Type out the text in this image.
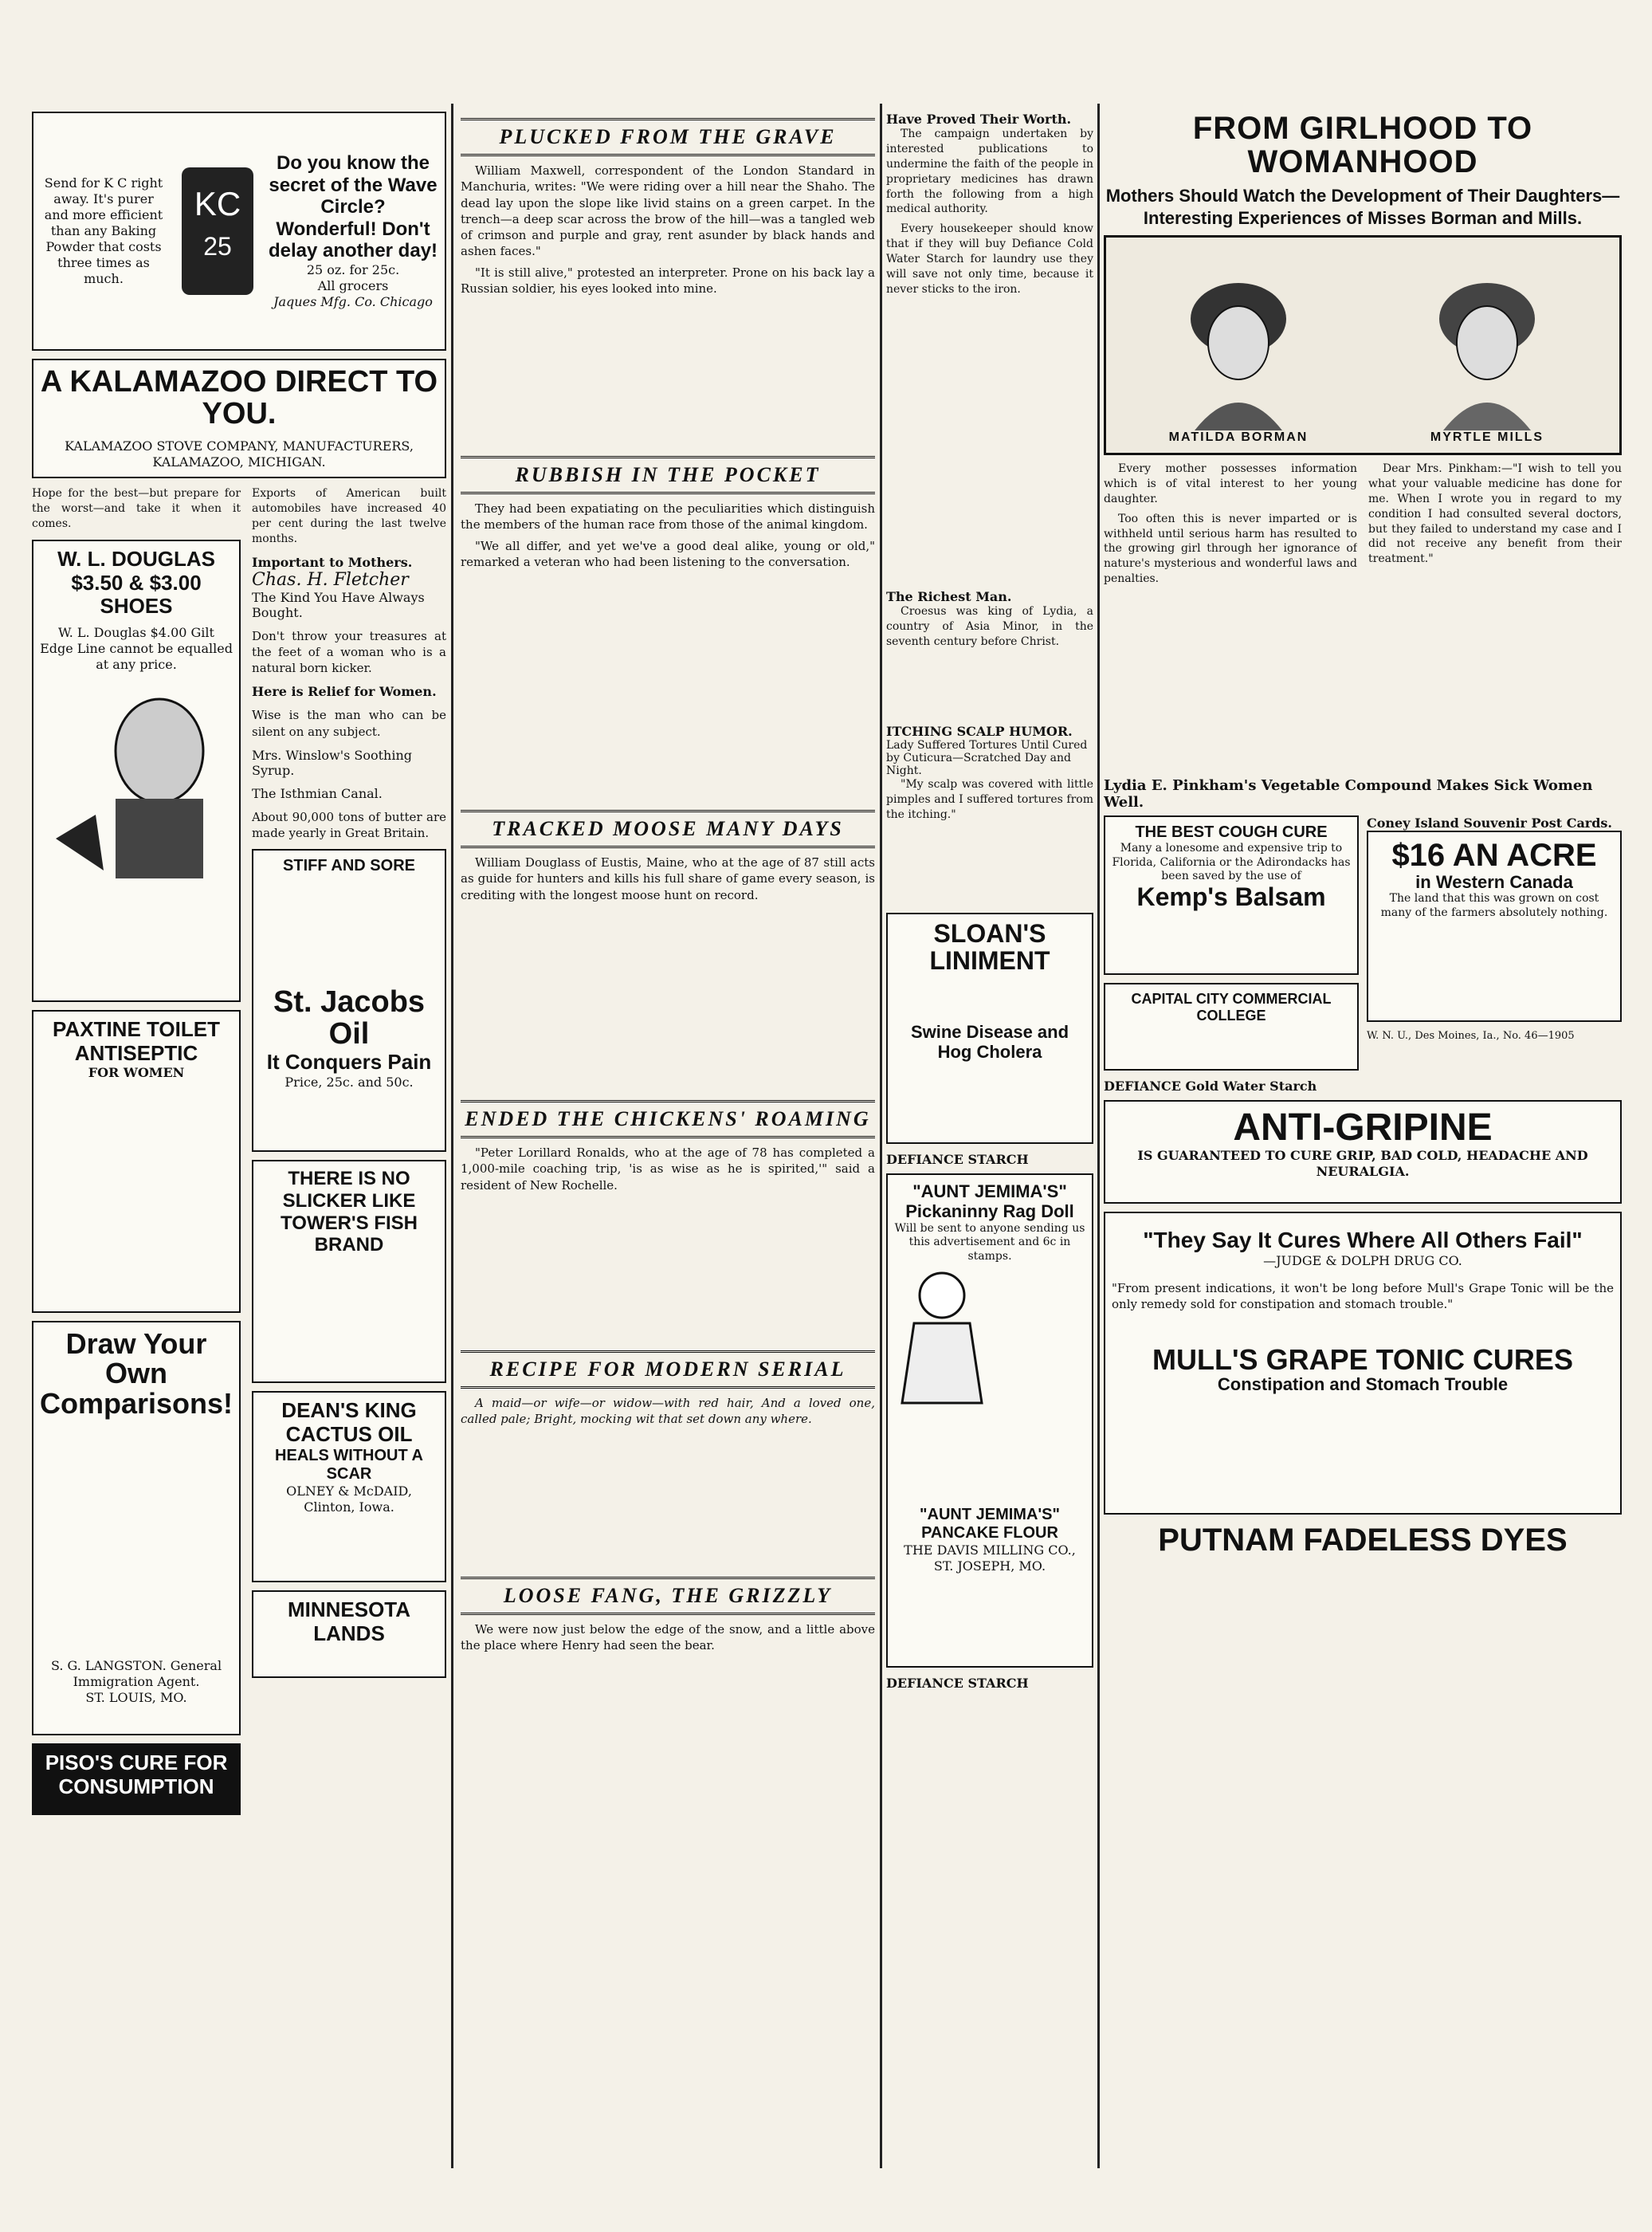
Send for K C right away. It's purer and more efficient than any Baking Powder that costs three times as much.
KC
25
Do you know the secret of the Wave Circle? Wonderful! Don't delay another day!
25 oz. for 25c.
All grocers
Jaques Mfg. Co. Chicago
A KALAMAZOO DIRECT TO YOU.
KALAMAZOO STOVE COMPANY, MANUFACTURERS, KALAMAZOO, MICHIGAN.
Hope for the best—but prepare for the worst—and take it when it comes.
W. L. DOUGLAS $3.50 & $3.00 SHOES
W. L. Douglas $4.00 Gilt Edge Line cannot be equalled at any price.
PAXTINE TOILET ANTISEPTIC
FOR WOMEN
Draw Your Own Comparisons!
S. G. LANGSTON. General Immigration Agent.
ST. LOUIS, MO.
PISO'S CURE FOR CONSUMPTION
Exports of American built automobiles have increased 40 per cent during the last twelve months.
Important to Mothers.
Chas. H. Fletcher
The Kind You Have Always Bought.
Don't throw your treasures at the feet of a woman who is a natural born kicker.
Here is Relief for Women.
Wise is the man who can be silent on any subject.
Mrs. Winslow's Soothing Syrup.
The Isthmian Canal.
About 90,000 tons of butter are made yearly in Great Britain.
STIFF AND SORE
St. Jacobs Oil
It Conquers Pain
Price, 25c. and 50c.
THERE IS NO SLICKER LIKE TOWER'S FISH BRAND
DEAN'S KING CACTUS OIL
HEALS WITHOUT A SCAR
OLNEY & McDAID, Clinton, Iowa.
MINNESOTA LANDS
PLUCKED FROM THE GRAVE

William Maxwell, correspondent of the London Standard in Manchuria, writes: "We were riding over a hill near the Shaho. The dead lay upon the slope like livid stains on a green carpet. In the trench—a deep scar across the brow of the hill—was a tangled web of crimson and purple and gray, rent asunder by black hands and ashen faces."

"It is still alive," protested an interpreter. Prone on his back lay a Russian soldier, his eyes looked into mine.

RUBBISH IN THE POCKET

They had been expatiating on the peculiarities which distinguish the members of the human race from those of the animal kingdom.

"We all differ, and yet we've a good deal alike, young or old," remarked a veteran who had been listening to the conversation.

TRACKED MOOSE MANY DAYS

William Douglass of Eustis, Maine, who at the age of 87 still acts as guide for hunters and kills his full share of game every season, is crediting with the longest moose hunt on record.

ENDED THE CHICKENS' ROAMING

"Peter Lorillard Ronalds, who at the age of 78 has completed a 1,000-mile coaching trip, 'is as wise as he is spirited,'" said a resident of New Rochelle.

RECIPE FOR MODERN SERIAL

A maid—or wife—or widow—with red hair, And a loved one, called pale; Bright, mocking wit that set down any where.

LOOSE FANG, THE GRIZZLY

We were now just below the edge of the snow, and a little above the place where Henry had seen the bear.

Have Proved Their Worth.

The campaign undertaken by interested publications to undermine the faith of the people in proprietary medicines has drawn forth the following from a high medical authority.

Every housekeeper should know that if they will buy Defiance Cold Water Starch for laundry use they will save not only time, because it never sticks to the iron.

The Richest Man.

Croesus was king of Lydia, a country of Asia Minor, in the seventh century before Christ.

ITCHING SCALP HUMOR.
Lady Suffered Tortures Until Cured by Cuticura—Scratched Day and Night.

"My scalp was covered with little pimples and I suffered tortures from the itching."

SLOAN'S LINIMENT
Swine Disease and Hog Cholera
DEFIANCE STARCH
"AUNT JEMIMA'S" Pickaninny Rag Doll
Will be sent to anyone sending us this advertisement and 6c in stamps.
"AUNT JEMIMA'S" PANCAKE FLOUR
THE DAVIS MILLING CO., ST. JOSEPH, MO.
DEFIANCE STARCH
FROM GIRLHOOD TO WOMANHOOD
Mothers Should Watch the Development of Their Daughters— Interesting Experiences of Misses Borman and Mills.
MATILDA BORMAN	MYRTLE MILLS

Every mother possesses information which is of vital interest to her young daughter.

Too often this is never imparted or is withheld until serious harm has resulted to the growing girl through her ignorance of nature's mysterious and wonderful laws and penalties.

Dear Mrs. Pinkham:—"I wish to tell you what your valuable medicine has done for me. When I wrote you in regard to my condition I had consulted several doctors, but they failed to understand my case and I did not receive any benefit from their treatment."

Lydia E. Pinkham's Vegetable Compound Makes Sick Women Well.
THE BEST COUGH CURE
Many a lonesome and expensive trip to Florida, California or the Adirondacks has been saved by the use of
Kemp's Balsam
CAPITAL CITY COMMERCIAL COLLEGE
DEFIANCE Gold Water Starch
Coney Island Souvenir Post Cards.
$16 AN ACRE
in Western Canada
The land that this was grown on cost many of the farmers absolutely nothing.
W. N. U., Des Moines, Ia., No. 46—1905
ANTI-GRIPINE
IS GUARANTEED TO CURE GRIP, BAD COLD, HEADACHE AND NEURALGIA.
"They Say It Cures Where All Others Fail"
—JUDGE & DOLPH DRUG CO.
"From present indications, it won't be long before Mull's Grape Tonic will be the only remedy sold for constipation and stomach trouble."
MULL'S GRAPE TONIC CURES
Constipation and Stomach Trouble
PUTNAM FADELESS DYES
